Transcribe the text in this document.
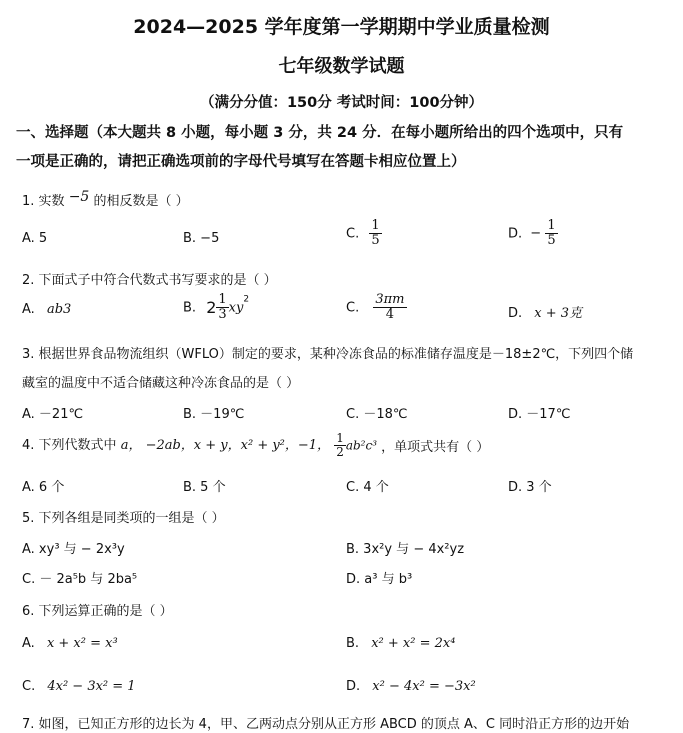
2024—2025 学年度第一学期期中学业质量检测
七年级数学试题
（满分分值：150分 考试时间：100分钟）
一、选择题（本大题共 8 小题，每小题 3 分，共 24 分．在每小题所给出的四个选项中，只有
一项是正确的，请把正确选项前的字母代号填写在答题卡相应位置上）
1. 实数 −5 的相反数是（ ）
A. 5	B. −5	C. $\frac{1}{5}$	D. − $\frac{1}{5}$
2. 下面式子中符合代数式书写要求的是（ ）
A. ab3	B. $2 \frac{1}{3} xy^2$
C. $\frac{3\pi m}{4}$	D. x + 3克
3. 根据世界食品物流组织（WFLO）制定的要求，某种冷冻食品的标准储存温度是－18±2℃，下列四个储
藏室的温度中不适合储藏这种冷冻食品的是（ ）
A. －21℃	B. －19℃	C. －18℃	D. －17℃
4. 下列代数式中 a， −2ab，x + y，x² + y²，−1， $\frac{1}{2} ab^2c^3$ ，单项式共有（ ）
A. 6 个	B. 5 个	C. 4 个	D. 3 个
5. 下列各组是同类项的一组是（ ）
A. xy³ 与 − 2x³y	B. 3x²y 与 − 4x²yz
C. － 2a⁵b 与 2ba⁵	D. a³ 与 b³
6. 下列运算正确的是（ ）
A. x + x² = x³	B. x² + x² = 2x⁴
C. 4x² − 3x² = 1	D. x² − 4x² = −3x²
7. 如图，已知正方形的边长为 4，甲、乙两动点分别从正方形 ABCD 的顶点 A、C 同时沿正方形的边开始
